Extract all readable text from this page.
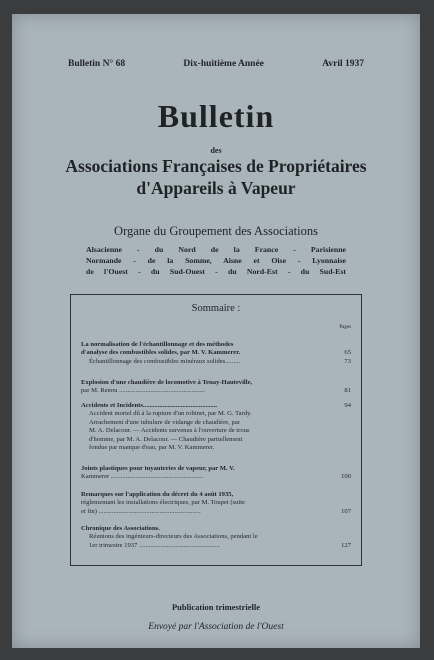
Bulletin N° 68	Dix-huitième Année	Avril 1937
Bulletin
des
Associations Françaises de Propriétaires
d'Appareils à Vapeur
Organe du Groupement des Associations
Alsacienne - du Nord de la France - Parisienne
Normande - de la Somme, Aisne et Oise - Lyonnaise
de l'Ouest - du Sud-Ouest - du Nord-Est - du Sud-Est
Sommaire :
Pages
La normalisation de l'échantillonnage et des méthodes
d'analyse des combustibles solides, par M. V. Kammerer.	65
Échantillonnage des combustibles minéraux solides.........	73
Explosion d'une chaudière de locomotive à Tenay-Hauteville,
par M. Renou ....................................................	81
Accidents et Incidents.............................................	94
Accident mortel dû à la rupture d'un robinet, par M. G. Tardy.
Arrachement d'une tubulure de vidange de chaudière, par
M. A. Delacour. — Accidents survenus à l'ouverture de trous
d'homme, par M. A. Delacour. — Chaudière partiellement
fondue par manque d'eau, par M. V. Kammerer.
Joints plastiques pour tuyauteries de vapeur, par M. V.
Kammerer ........................................................	100
Remarques sur l'application du décret du 4 août 1935,
réglementant les installations électriques, par M. Toupet (suite
et fin) ..............................................................	107
Chronique des Associations.
Réunions des ingénieurs-directeurs des Associations, pendant le
1er trimestre 1937 .................................................	127
Publication trimestrielle
Envoyé par l'Association de l'Ouest
